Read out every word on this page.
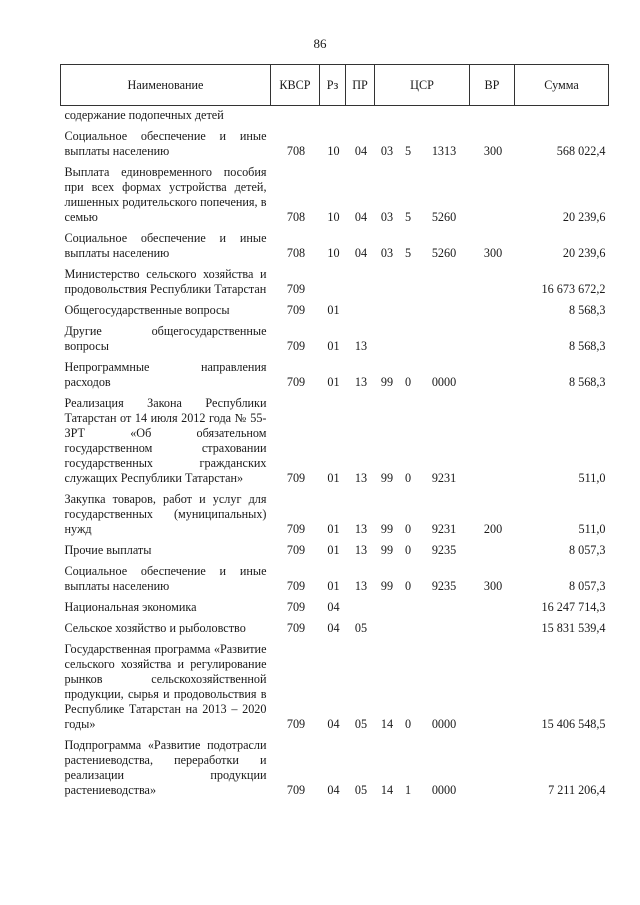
86
Наименование	КВСР	Рз	ПР	ЦСР			ВР	Сумма
содержание подопечных детей								
Социальное обеспечение и иные выплаты населению	708	10	04	03	5	1313	300	568 022,4
Выплата единовременного пособия при всех формах устройства детей, лишенных родительского попечения, в семью	708	10	04	03	5	5260		20 239,6
Социальное обеспечение и иные выплаты населению	708	10	04	03	5	5260	300	20 239,6
Министерство сельского хозяйства и продовольствия Республики Татарстан	709							16 673 672,2
Общегосударственные вопросы	709	01						8 568,3
Другие общегосударственные вопросы	709	01	13					8 568,3
Непрограммные направления расходов	709	01	13	99	0	0000		8 568,3
Реализация Закона Республики Татарстан от 14 июля 2012 года № 55-ЗРТ «Об обязательном государственном страховании государственных гражданских служащих Республики Татарстан»	709	01	13	99	0	9231		511,0
Закупка товаров, работ и услуг для государственных (муниципальных) нужд	709	01	13	99	0	9231	200	511,0
Прочие выплаты	709	01	13	99	0	9235		8 057,3
Социальное обеспечение и иные выплаты населению	709	01	13	99	0	9235	300	8 057,3
Национальная экономика	709	04						16 247 714,3
Сельское хозяйство и рыболовство	709	04	05					15 831 539,4
Государственная программа «Развитие сельского хозяйства и регулирование рынков сельскохозяйственной продукции, сырья и продовольствия в Республике Татарстан на 2013 – 2020 годы»	709	04	05	14	0	0000		15 406 548,5
Подпрограмма «Развитие подотрасли растениеводства, переработки и реализации продукции растениеводства»	709	04	05	14	1	0000		7 211 206,4
